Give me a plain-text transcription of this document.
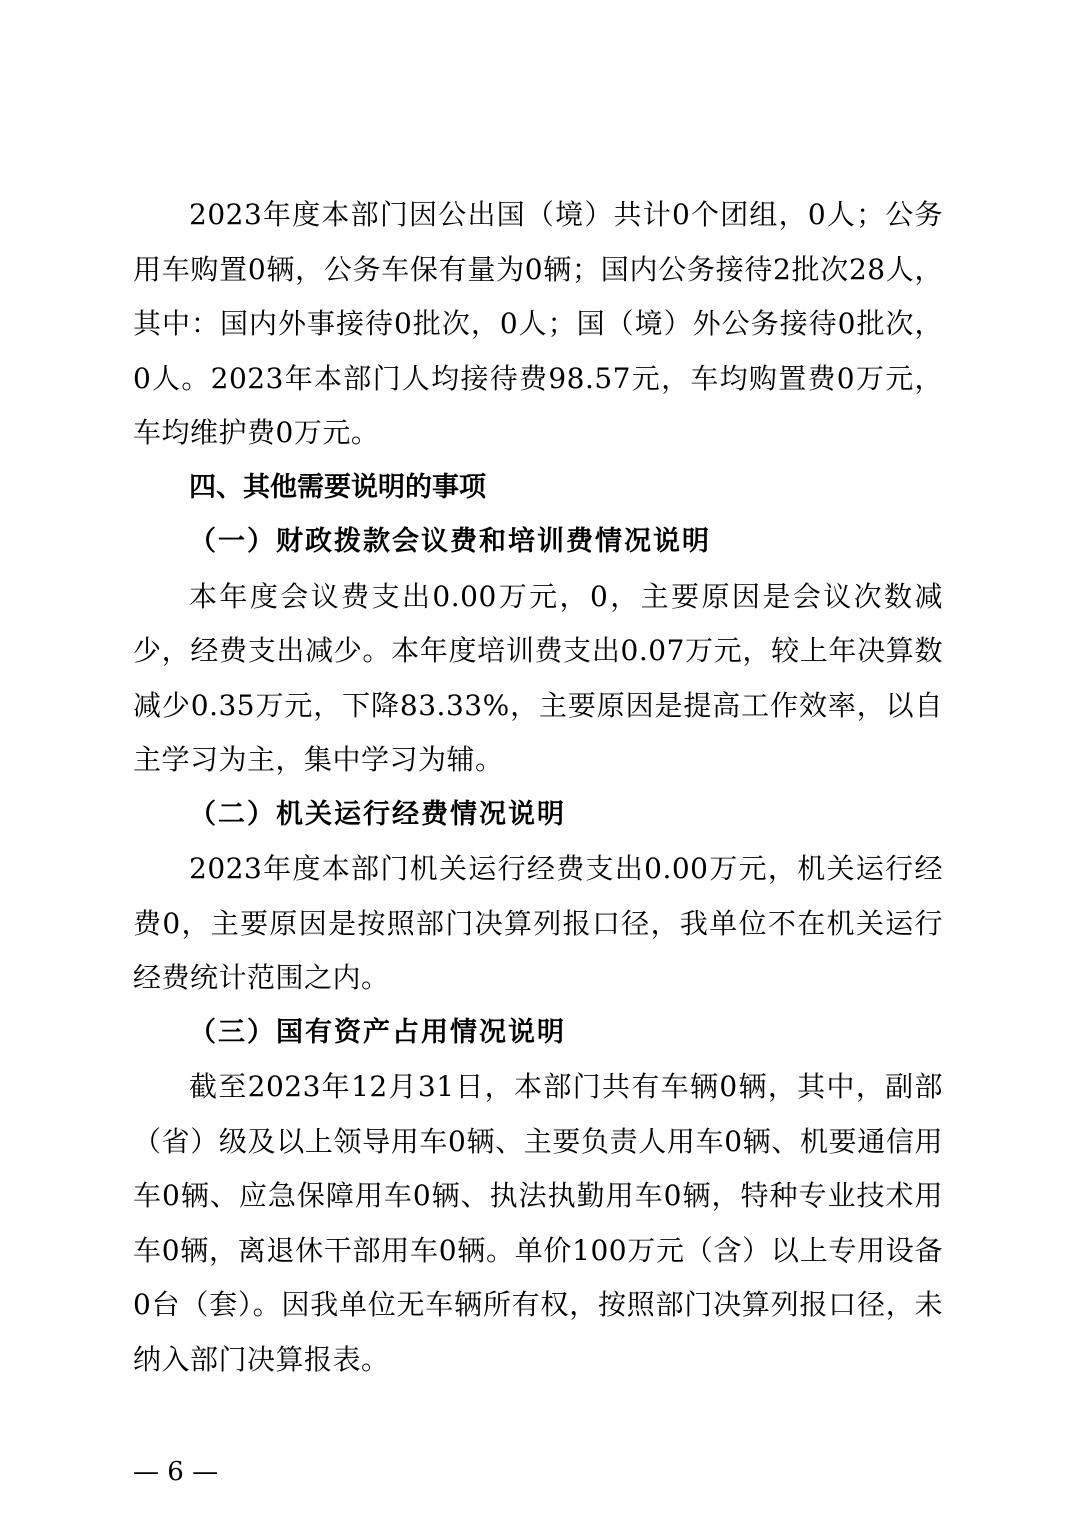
2023年度本部门因公出国（境）共计0个团组，0人；公务用车购置0辆，公务车保有量为0辆；国内公务接待2批次28人，其中：国内外事接待0批次，0人；国（境）外公务接待0批次，0人。2023年本部门人均接待费98.57元，车均购置费0万元，车均维护费0万元。

四、其他需要说明的事项

（一）财政拨款会议费和培训费情况说明

本年度会议费支出0.00万元，0，主要原因是会议次数减少，经费支出减少。本年度培训费支出0.07万元，较上年决算数减少0.35万元，下降83.33%，主要原因是提高工作效率，以自主学习为主，集中学习为辅。

（二）机关运行经费情况说明

2023年度本部门机关运行经费支出0.00万元，机关运行经费0，主要原因是按照部门决算列报口径，我单位不在机关运行经费统计范围之内。

（三）国有资产占用情况说明

截至2023年12月31日，本部门共有车辆0辆，其中，副部（省）级及以上领导用车0辆、主要负责人用车0辆、机要通信用车0辆、应急保障用车0辆、执法执勤用车0辆，特种专业技术用车0辆，离退休干部用车0辆。单价100万元（含）以上专用设备0台（套）。因我单位无车辆所有权，按照部门决算列报口径，未纳入部门决算报表。

— 6 —
